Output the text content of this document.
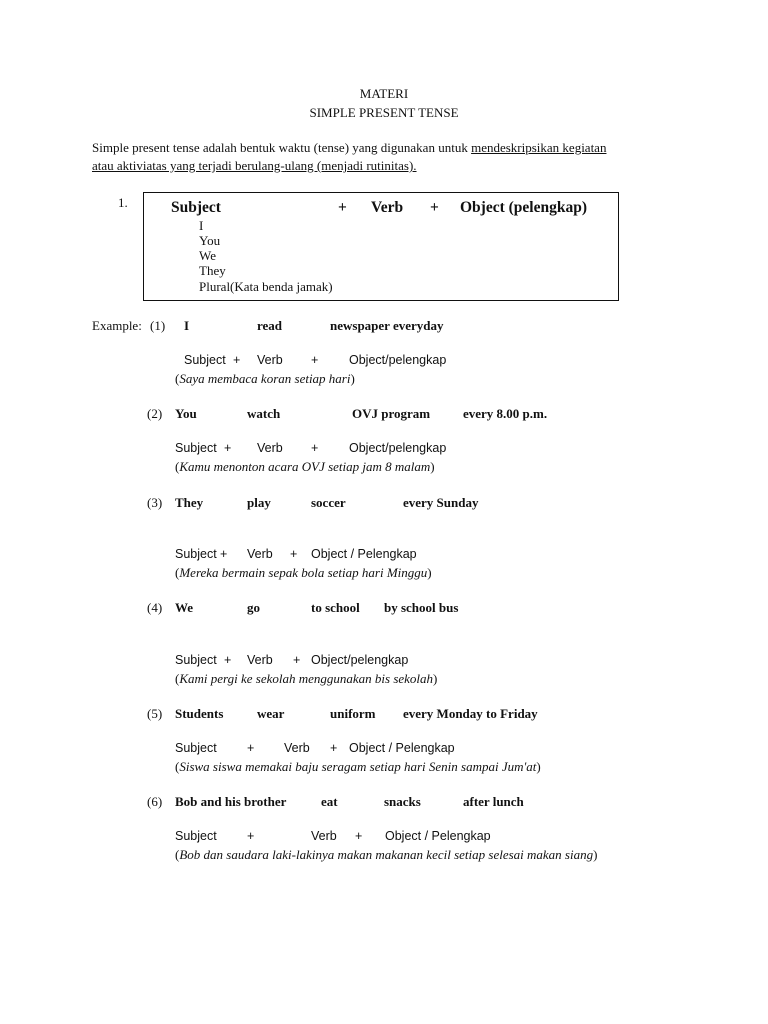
MATERI
SIMPLE PRESENT TENSE
Simple present tense adalah bentuk waktu (tense) yang digunakan untuk mendeskripsikan kegiatan
atau aktiviatas yang terjadi berulang-ulang (menjadi rutinitas).
1.	Subject	+ Verb + Object (pelengkap)
I
You
We
They
Plural(Kata benda jamak)
Example: (1) I	read	newspaper everyday
Subject + Verb + Object/pelengkap
(Saya membaca koran setiap hari)
(2) You	watch	OVJ program	every 8.00 p.m.
Subject + Verb + Object/pelengkap
(Kamu menonton acara OVJ setiap jam 8 malam)
(3) They	play	soccer	every Sunday
Subject + Verb + Object / Pelengkap
(Mereka bermain sepak bola setiap hari Minggu)
(4) We	go	to school by school bus
Subject + Verb + Object/pelengkap
(Kami pergi ke sekolah menggunakan bis sekolah)
(5) Students	wear	uniform every Monday to Friday
Subject + Verb + Object / Pelengkap
(Siswa siswa memakai baju seragam setiap hari Senin sampai Jum'at)
(6) Bob and his brother	eat	snacks	after lunch
Subject +	Verb + Object / Pelengkap
(Bob dan saudara laki-lakinya makan makanan kecil setiap selesai makan siang)
